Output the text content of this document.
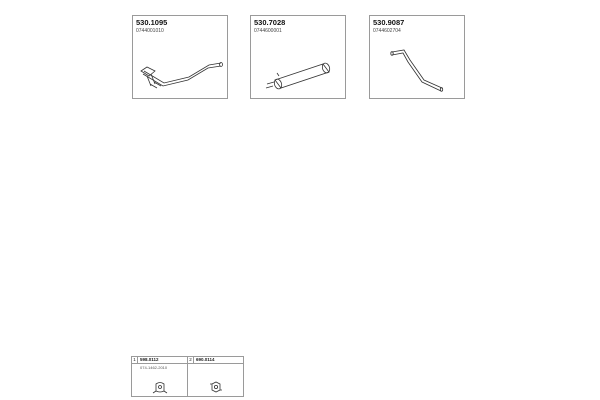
530.1095
0744001010
530.7028
0744600001
530.9087
0744602704
1 598.0112
074-1462-2010
2 690.0114
